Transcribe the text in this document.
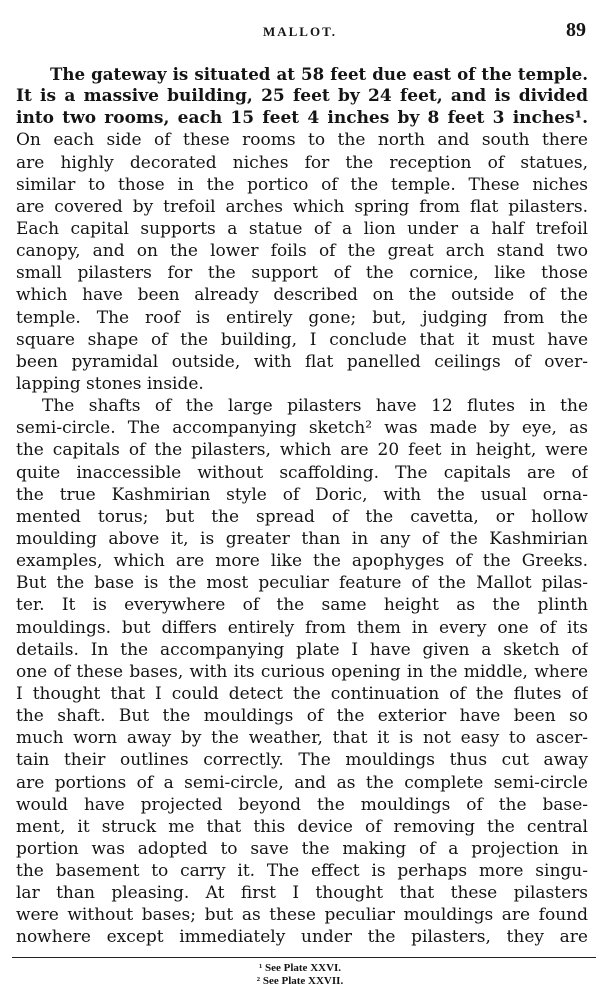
MALLOT.	89
The gateway is situated at 58 feet due east of the temple.
It is a massive building, 25 feet by 24 feet, and is divided
into two rooms, each 15 feet 4 inches by 8 feet 3 inches¹.
On each side of these rooms to the north and south there
are highly decorated niches for the reception of statues,
similar to those in the portico of the temple. These niches
are covered by trefoil arches which spring from flat pilasters.
Each capital supports a statue of a lion under a half trefoil
canopy, and on the lower foils of the great arch stand two
small pilasters for the support of the cornice, like those
which have been already described on the outside of the
temple. The roof is entirely gone; but, judging from the
square shape of the building, I conclude that it must have
been pyramidal outside, with flat panelled ceilings of over-
lapping stones inside.
The shafts of the large pilasters have 12 flutes in the
semi-circle. The accompanying sketch² was made by eye, as
the capitals of the pilasters, which are 20 feet in height, were
quite inaccessible without scaffolding. The capitals are of
the true Kashmirian style of Doric, with the usual orna-
mented torus; but the spread of the cavetta, or hollow
moulding above it, is greater than in any of the Kashmirian
examples, which are more like the apophyges of the Greeks.
But the base is the most peculiar feature of the Mallot pilas-
ter. It is everywhere of the same height as the plinth
mouldings. but differs entirely from them in every one of its
details. In the accompanying plate I have given a sketch of
one of these bases, with its curious opening in the middle, where
I thought that I could detect the continuation of the flutes of
the shaft. But the mouldings of the exterior have been so
much worn away by the weather, that it is not easy to ascer-
tain their outlines correctly. The mouldings thus cut away
are portions of a semi-circle, and as the complete semi-circle
would have projected beyond the mouldings of the base-
ment, it struck me that this device of removing the central
portion was adopted to save the making of a projection in
the basement to carry it. The effect is perhaps more singu-
lar than pleasing. At first I thought that these pilasters
were without bases; but as these peculiar mouldings are found
nowhere except immediately under the pilasters, they are
¹ See Plate XXVI.
² See Plate XXVII.
